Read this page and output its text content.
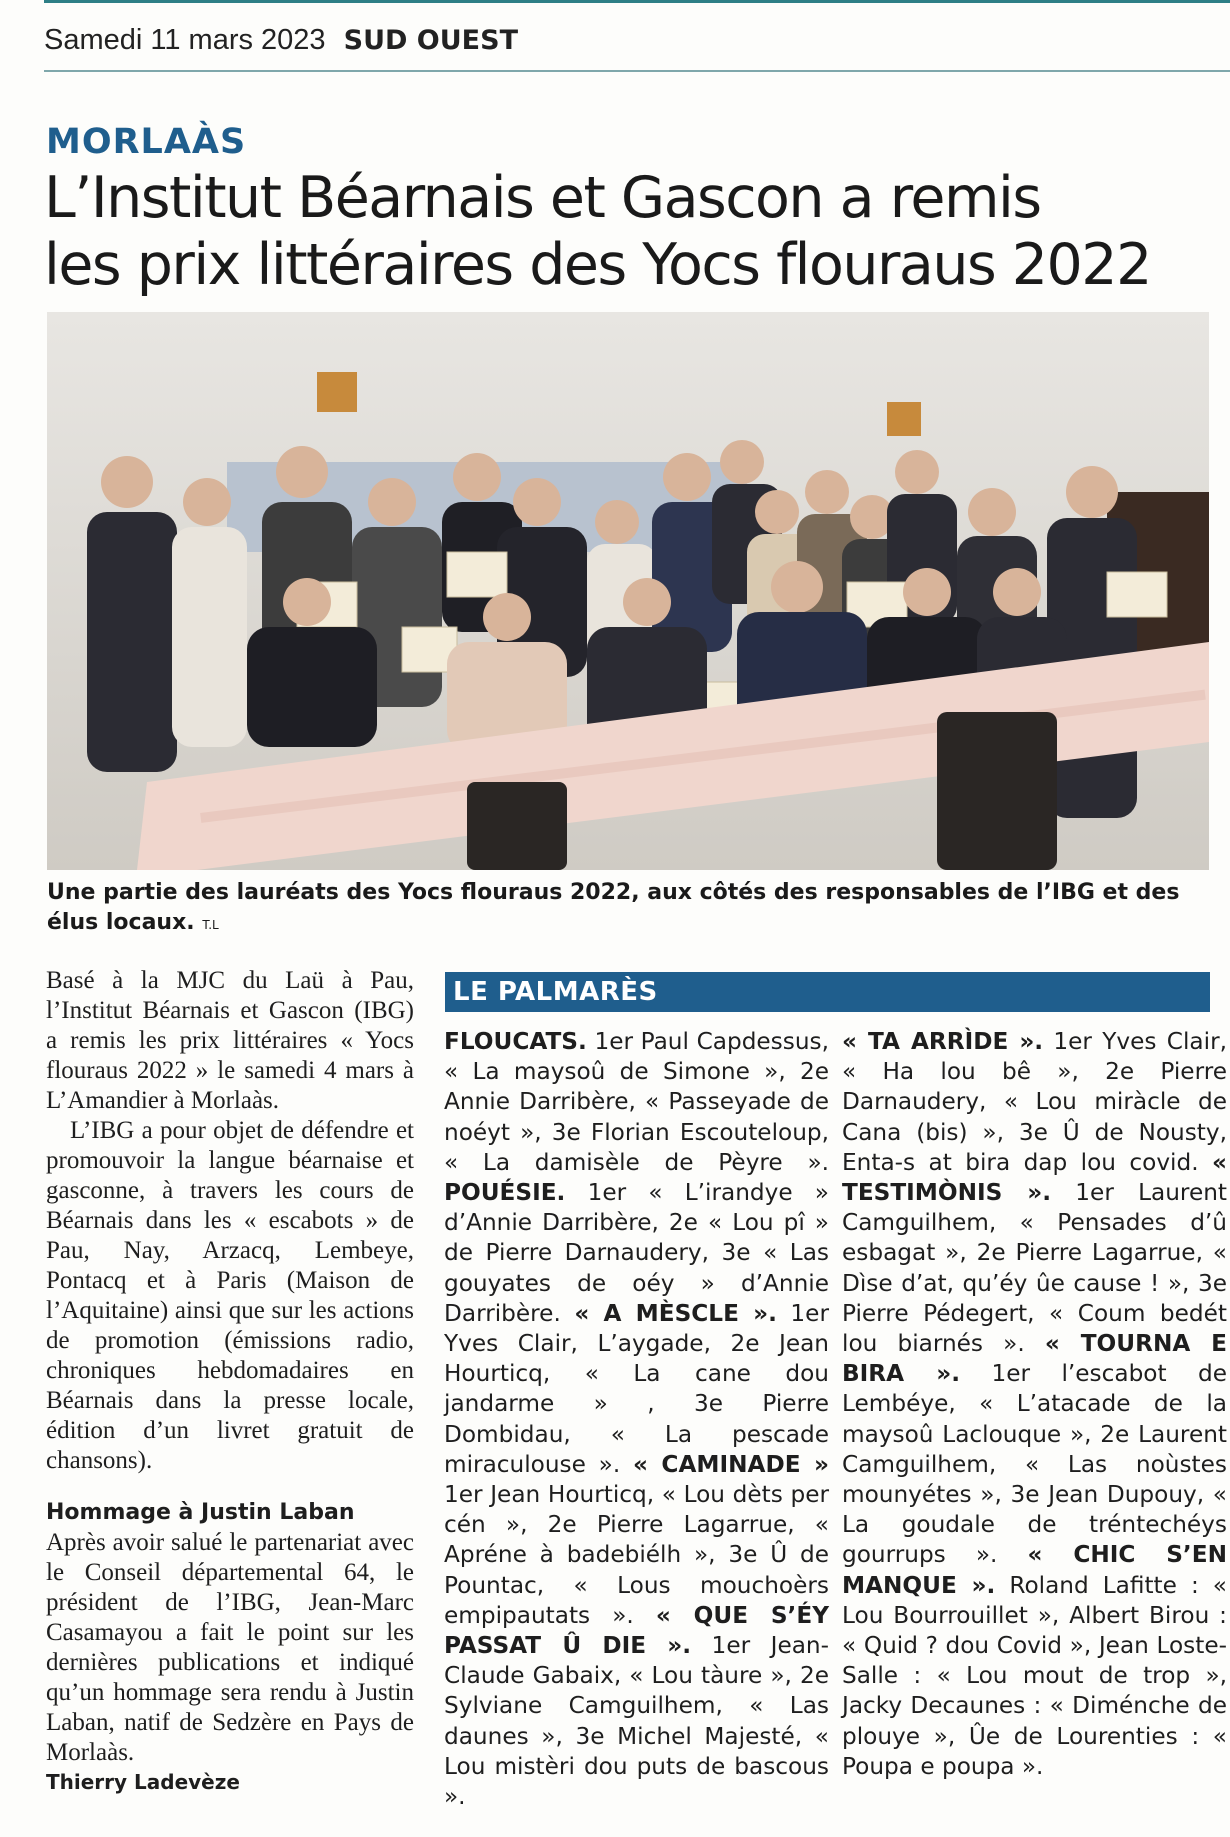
Samedi 11 mars 2023 SUD OUEST
MORLAÀS
L’Institut Béarnais et Gascon a remis
les prix littéraires des Yocs flouraus 2022
Une partie des lauréats des Yocs flouraus 2022, aux côtés des responsables de l’IBG et des élus locaux. T.L

Basé à la MJC du Laü à Pau, l’Institut Béarnais et Gascon (IBG) a remis les prix littéraires « Yocs flouraus 2022 » le samedi 4 mars à L’Amandier à Morlaàs.

L’IBG a pour objet de défendre et promouvoir la langue béarnaise et gasconne, à travers les cours de Béarnais dans les « escabots » de Pau, Nay, Arzacq, Lembeye, Pontacq et à Paris (Maison de l’Aquitaine) ainsi que sur les actions de promotion (émissions radio, chroniques hebdomadaires en Béarnais dans la presse locale, édition d’un livret gratuit de chansons).

Hommage à Justin Laban

Après avoir salué le partenariat avec le Conseil départemental 64, le président de l’IBG, Jean-Marc Casamayou a fait le point sur les dernières publications et indiqué qu’un hommage sera rendu à Justin Laban, natif de Sedzère en Pays de Morlaàs.

Thierry Ladevèze
LE PALMARÈS

FLOUCATS. 1er Paul Capdessus, « La maysoû de Simone », 2e Annie Darribère, « Passeyade de noéyt », 3e Florian Escouteloup, « La damisèle de Pèyre ». POUÉSIE. 1er « L’irandye » d’Annie Darribère, 2e « Lou pî » de Pierre Darnaudery, 3e « Las gouyates de oéy » d’Annie Darribère. « A MÈSCLE ». 1er Yves Clair, L’aygade, 2e Jean Hourticq, « La cane dou jandarme » , 3e Pierre Dombidau, « La pescade miraculouse ». « CAMINADE » 1er Jean Hourticq, « Lou dèts per cén », 2e Pierre Lagarrue, « Apréne à badebiélh », 3e Û de Pountac, « Lous mouchoèrs empipautats ». « QUE S’ÉY PASSAT Û DIE ». 1er Jean-Claude Gabaix, « Lou tàure », 2e Sylviane Camguilhem, « Las daunes », 3e Michel Majesté, « Lou mistèri dou puts de bascous ».

« TA ARRÌDE ». 1er Yves Clair, « Ha lou bê », 2e Pierre Darnaudery, « Lou miràcle de Cana (bis) », 3e Û de Nousty, Enta-s at bira dap lou covid. « TESTIMÒNIS ». 1er Laurent Camguilhem, « Pensades d’û esbagat », 2e Pierre Lagarrue, « Dìse d’at, qu’éy ûe cause ! », 3e Pierre Pédegert, « Coum bedét lou biarnés ». « TOURNA E BIRA ». 1er l’escabot de Lembéye, « L’atacade de la maysoû Laclouque », 2e Laurent Camguilhem, « Las noùstes mounyétes », 3e Jean Dupouy, « La goudale de tréntechéys gourrups ». « CHIC S’EN MANQUE ». Roland Lafitte : « Lou Bourrouillet », Albert Birou : « Quid ? dou Covid », Jean Loste-Salle : « Lou mout de trop », Jacky Decaunes : « Diménche de plouye », Ûe de Lourenties : « Poupa e poupa ».
